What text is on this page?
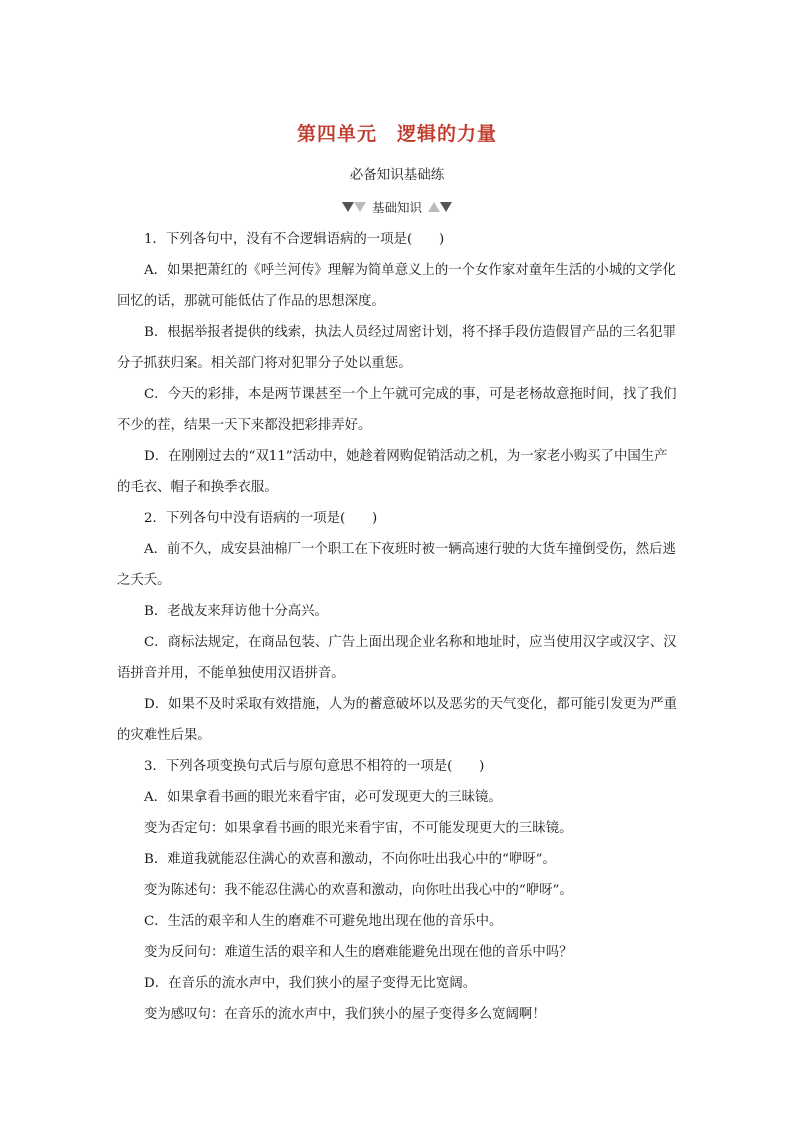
第四单元　逻辑的力量
必备知识基础练
基础知识

1．下列各句中，没有不合逻辑语病的一项是(　　)

A．如果把萧红的《呼兰河传》理解为简单意义上的一个女作家对童年生活的小城的文学化回忆的话，那就可能低估了作品的思想深度。

B．根据举报者提供的线索，执法人员经过周密计划，将不择手段仿造假冒产品的三名犯罪分子抓获归案。相关部门将对犯罪分子处以重惩。

C．今天的彩排，本是两节课甚至一个上午就可完成的事，可是老杨故意拖时间，找了我们不少的茬，结果一天下来都没把彩排弄好。

D．在刚刚过去的“双11”活动中，她趁着网购促销活动之机，为一家老小购买了中国生产的毛衣、帽子和换季衣服。

2．下列各句中没有语病的一项是(　　)

A．前不久，成安县油棉厂一个职工在下夜班时被一辆高速行驶的大货车撞倒受伤，然后逃之夭夭。

B．老战友来拜访他十分高兴。

C．商标法规定，在商品包装、广告上面出现企业名称和地址时，应当使用汉字或汉字、汉语拼音并用，不能单独使用汉语拼音。

D．如果不及时采取有效措施，人为的蓄意破坏以及恶劣的天气变化，都可能引发更为严重的灾难性后果。

3．下列各项变换句式后与原句意思不相符的一项是(　　)

A．如果拿看书画的眼光来看宇宙，必可发现更大的三昧镜。

变为否定句：如果拿看书画的眼光来看宇宙，不可能发现更大的三昧镜。

B．难道我就能忍住满心的欢喜和激动，不向你吐出我心中的“咿呀”。

变为陈述句：我不能忍住满心的欢喜和激动，向你吐出我心中的“咿呀”。

C．生活的艰辛和人生的磨难不可避免地出现在他的音乐中。

变为反问句：难道生活的艰辛和人生的磨难能避免出现在他的音乐中吗？

D．在音乐的流水声中，我们狭小的屋子变得无比宽阔。

变为感叹句：在音乐的流水声中，我们狭小的屋子变得多么宽阔啊！
